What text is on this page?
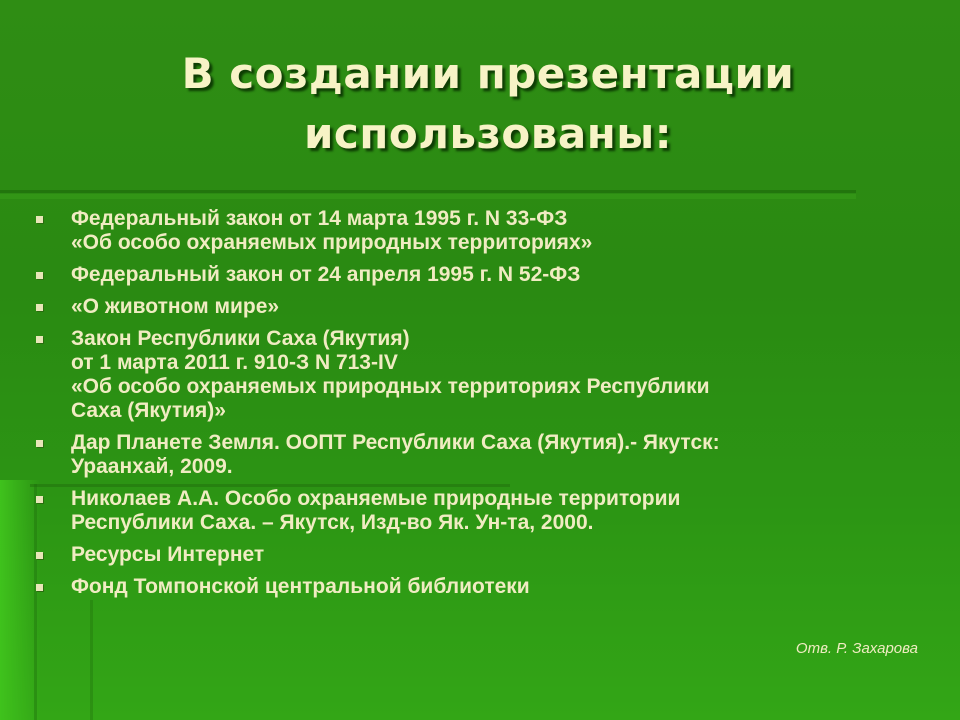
В создании презентации
использованы:
Федеральный закон от 14 марта 1995 г. N 33-ФЗ
«Об особо охраняемых природных территориях»
Федеральный закон от 24 апреля 1995 г. N 52-ФЗ
«О животном мире»
Закон Республики Саха (Якутия)
от 1 марта 2011 г. 910-З N 713-IV
«Об особо охраняемых природных территориях Республики
Саха (Якутия)»
Дар Планете Земля. ООПТ Республики Саха (Якутия).- Якутск:
Ураанхай, 2009.
Николаев А.А. Особо охраняемые природные территории
Республики Саха. – Якутск, Изд-во Як. Ун-та, 2000.
Ресурсы Интернет
Фонд Томпонской центральной библиотеки
Отв. Р. Захарова
